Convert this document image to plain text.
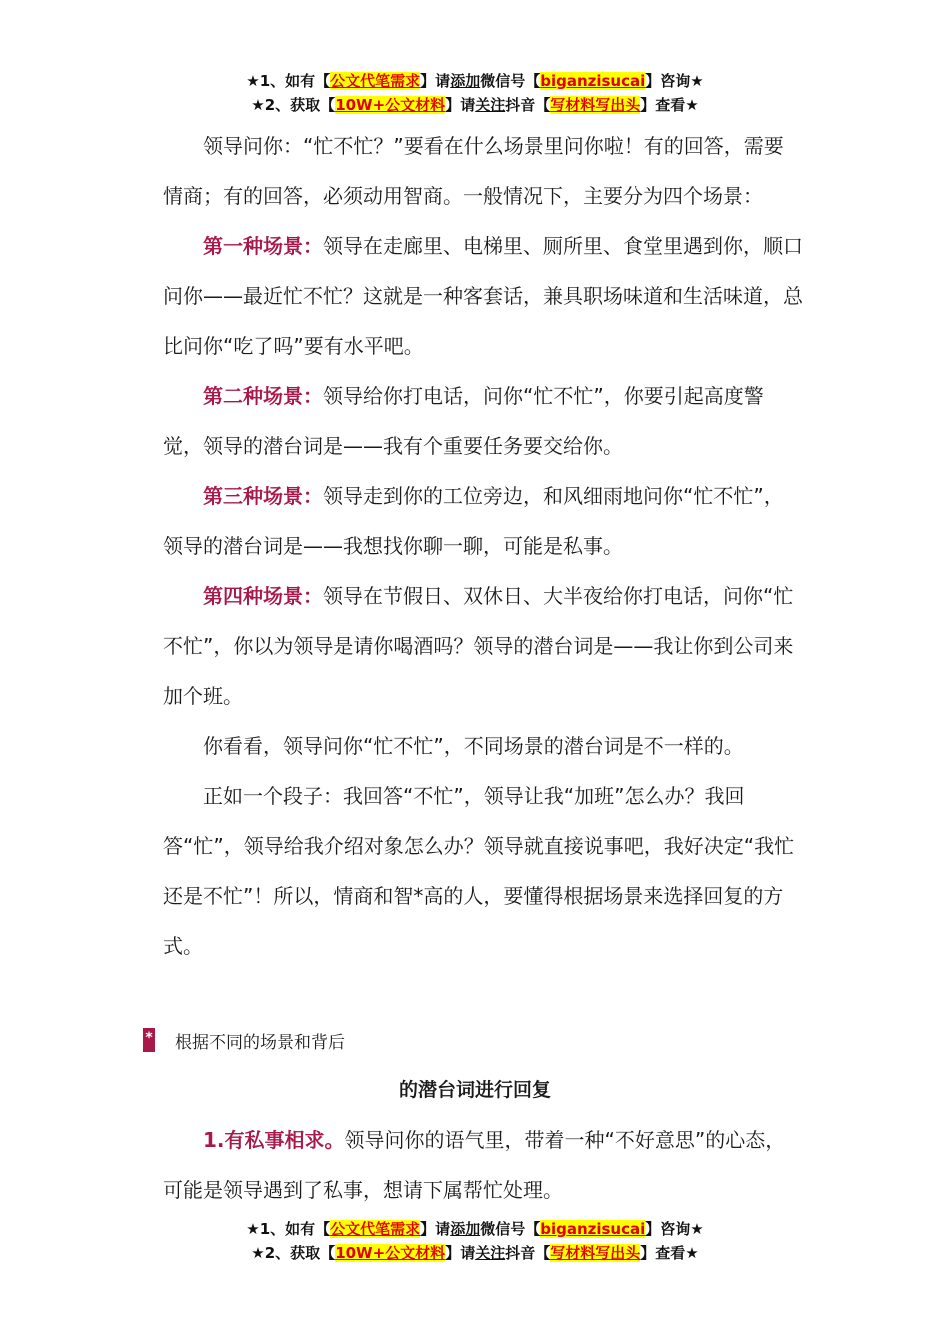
★1、如有【公文代笔需求】请添加微信号【biganzisucai】咨询★
★2、获取【10W+公文材料】请关注抖音【写材料写出头】查看★

领导问你：“忙不忙？”要看在什么场景里问你啦！有的回答，需要情商；有的回答，必须动用智商。一般情况下，主要分为四个场景：

第一种场景：领导在走廊里、电梯里、厕所里、食堂里遇到你，顺口问你——最近忙不忙？这就是一种客套话，兼具职场味道和生活味道，总比问你“吃了吗”要有水平吧。

第二种场景：领导给你打电话，问你“忙不忙”，你要引起高度警觉，领导的潜台词是——我有个重要任务要交给你。

第三种场景：领导走到你的工位旁边，和风细雨地问你“忙不忙”，领导的潜台词是——我想找你聊一聊，可能是私事。

第四种场景：领导在节假日、双休日、大半夜给你打电话，问你“忙不忙”，你以为领导是请你喝酒吗？领导的潜台词是——我让你到公司来加个班。

你看看，领导问你“忙不忙”，不同场景的潜台词是不一样的。

正如一个段子：我回答“不忙”，领导让我“加班”怎么办？我回答“忙”，领导给我介绍对象怎么办？领导就直接说事吧，我好决定“我忙还是不忙”！所以，情商和智*高的人，要懂得根据场景来选择回复的方式。

* 根据不同的场景和背后
的潜台词进行回复

1.有私事相求。领导问你的语气里，带着一种“不好意思”的心态，可能是领导遇到了私事，想请下属帮忙处理。

★1、如有【公文代笔需求】请添加微信号【biganzisucai】咨询★
★2、获取【10W+公文材料】请关注抖音【写材料写出头】查看★
